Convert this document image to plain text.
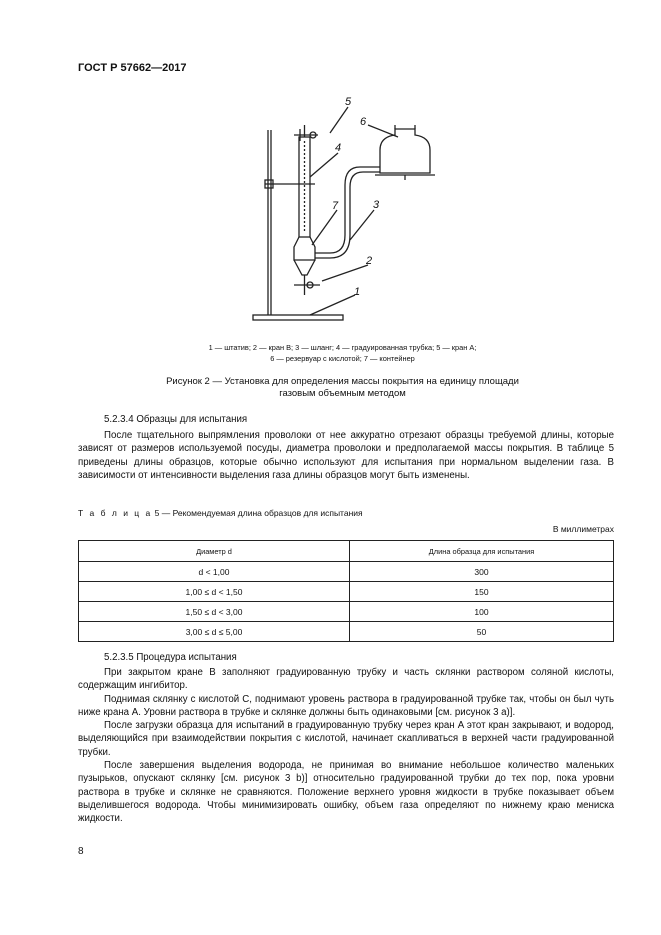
ГОСТ Р 57662—2017
5
6
4
7	3
2
1
1 — штатив; 2 — кран B; 3 — шланг; 4 — градуированная трубка; 5 — кран A;
6 — резервуар с кислотой; 7 — контейнер
Рисунок 2 — Установка для определения массы покрытия на единицу площади
газовым объемным методом
5.2.3.4 Образцы для испытания

После тщательного выпрямления проволоки от нее аккуратно отрезают образцы требуемой длины, которые зависят от размеров используемой посуды, диаметра проволоки и предполагаемой массы покрытия. В таблице 5 приведены длины образцов, которые обычно используют для испытания при нормальном выделении газа. В зависимости от интенсивности выделения газа длины образцов могут быть изменены.

Т а б л и ц а 5 — Рекомендуемая длина образцов для испытания
В миллиметрах
Диаметр d	Длина образца для испытания
d < 1,00	300
1,00 ≤ d < 1,50	150
1,50 ≤ d < 3,00	100
3,00 ≤ d ≤ 5,00	50
5.2.3.5 Процедура испытания

При закрытом кране B заполняют градуированную трубку и часть склянки раствором соляной кислоты, содержащим ингибитор.

Поднимая склянку с кислотой C, поднимают уровень раствора в градуированной трубке так, чтобы он был чуть ниже крана A. Уровни раствора в трубке и склянке должны быть одинаковыми [см. рисунок 3 a)].

После загрузки образца для испытаний в градуированную трубку через кран A этот кран закрывают, и водород, выделяющийся при взаимодействии покрытия с кислотой, начинает скапливаться в верхней части градуированной трубки.

После завершения выделения водорода, не принимая во внимание небольшое количество маленьких пузырьков, опускают склянку [см. рисунок 3 b)] относительно градуированной трубки до тех пор, пока уровни раствора в трубке и склянке не сравняются. Положение верхнего уровня жидкости в трубке показывает объем выделившегося водорода. Чтобы минимизировать ошибку, объем газа определяют по нижнему краю мениска жидкости.

8
